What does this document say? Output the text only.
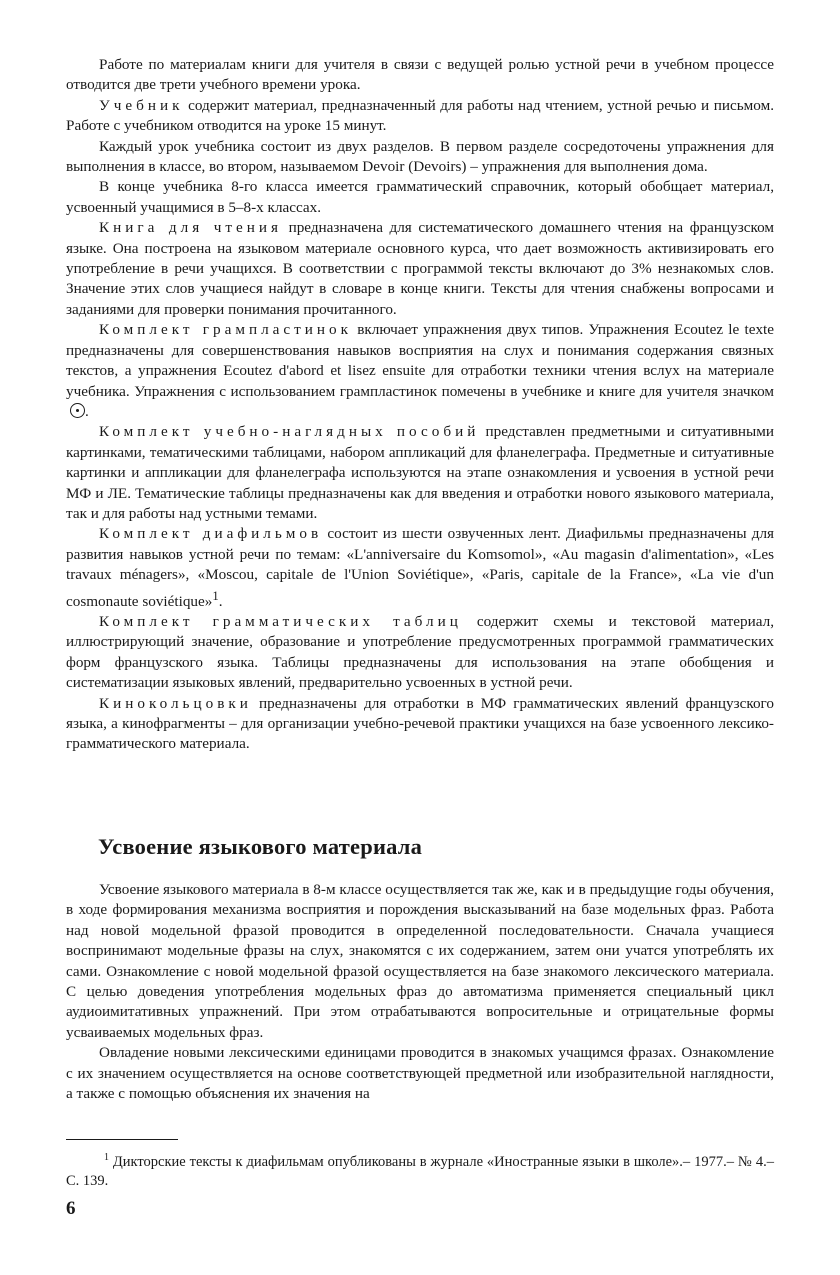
Работе по материалам книги для учителя в связи с ведущей ролью устной речи в учебном процессе отводится две трети учебного времени урока.

Учебник содержит материал, предназначенный для работы над чтением, устной речью и письмом. Работе с учебником отводится на уроке 15 минут.

Каждый урок учебника состоит из двух разделов. В первом разделе сосредоточены упражнения для выполнения в классе, во втором, называемом Devoir (Devoirs) – упражнения для выполнения дома.

В конце учебника 8-го класса имеется грамматический справочник, который обобщает материал, усвоенный учащимися в 5–8-х классах.

Книга для чтения предназначена для систематического домашнего чтения на французском языке. Она построена на языковом материале основного курса, что дает возможность активизировать его употребление в речи учащихся. В соответствии с программой тексты включают до 3% незнакомых слов. Значение этих слов учащиеся найдут в словаре в конце книги. Тексты для чтения снабжены вопросами и заданиями для проверки понимания прочитанного.

Комплект грампластинок включает упражнения двух типов. Упражнения Ecoutez le texte предназначены для совершенствования навыков восприятия на слух и понимания содержания связных текстов, а упражнения Ecoutez d'abord et lisez ensuite для отработки техники чтения вслух на материале учебника. Упражнения с использованием грампластинок помечены в учебнике и книге для учителя значком.

Комплект учебно-наглядных пособий представлен предметными и ситуативными картинками, тематическими таблицами, набором аппликаций для фланелеграфа. Предметные и ситуативные картинки и аппликации для фланелеграфа используются на этапе ознакомления и усвоения в устной речи МФ и ЛЕ. Тематические таблицы предназначены как для введения и отработки нового языкового материала, так и для работы над устными темами.

Комплект диафильмов состоит из шести озвученных лент. Диафильмы предназначены для развития навыков устной речи по темам: «L'anniversaire du Komsomol», «Au magasin d'alimentation», «Les travaux ménagers», «Moscou, capitale de l'Union Soviétique», «Paris, capitale de la France», «La vie d'un cosmonaute soviétique»$^1$.

Комплект грамматических таблиц содержит схемы и текстовой материал, иллюстрирующий значение, образование и употребление предусмотренных программой грамматических форм французского языка. Таблицы предназначены для использования на этапе обобщения и систематизации языковых явлений, предварительно усвоенных в устной речи.

Кинокольцовки предназначены для отработки в МФ грамматических явлений французского языка, а кинофрагменты – для организации учебно-речевой практики учащихся на базе усвоенного лексико-грамматического материала.

Усвоение языкового материала

Усвоение языкового материала в 8-м классе осуществляется так же, как и в предыдущие годы обучения, в ходе формирования механизма восприятия и порождения высказываний на базе модельных фраз. Работа над новой модельной фразой проводится в определенной последовательности. Сначала учащиеся воспринимают модельные фразы на слух, знакомятся с их содержанием, затем они учатся употреблять их сами. Ознакомление с новой модельной фразой осуществляется на базе знакомого лексического материала. С целью доведения употребления модельных фраз до автоматизма применяется специальный цикл аудиоимитативных упражнений. При этом отрабатываются вопросительные и отрицательные формы усваиваемых модельных фраз.

Овладение новыми лексическими единицами проводится в знакомых учащимся фразах. Ознакомление с их значением осуществляется на основе соответствующей предметной или изобразительной наглядности, а также с помощью объяснения их значения на

$^1$ Дикторские тексты к диафильмам опубликованы в журнале «Иностранные языки в школе».– 1977.– № 4.– С. 139.

6
